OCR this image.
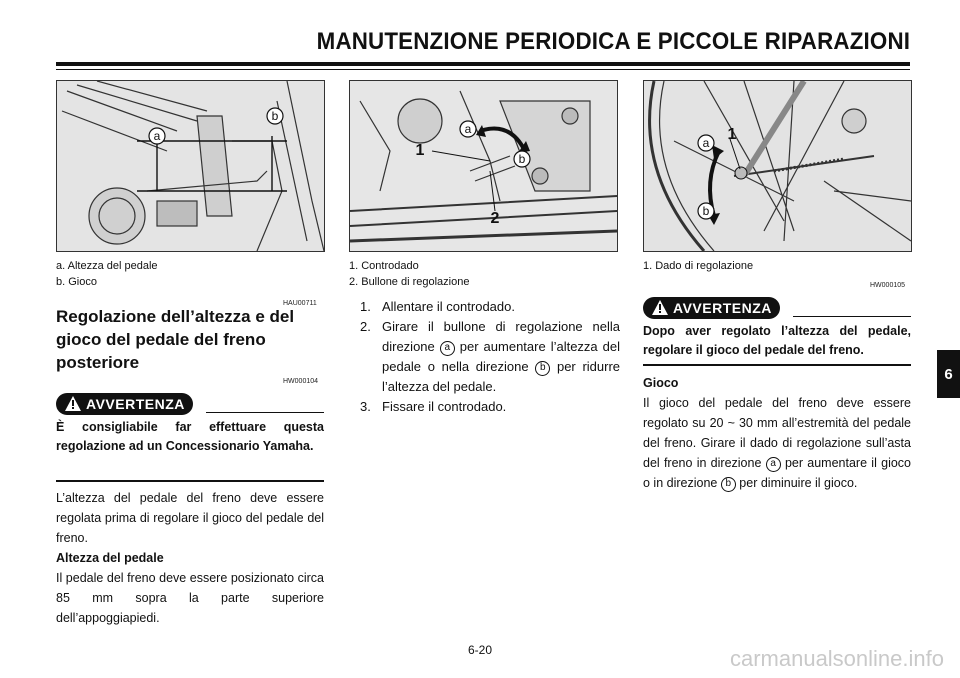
MANUTENZIONE PERIODICA E PICCOLE RIPARAZIONI
6
a
b
a
b
1
2
a
b
1
a. Altezza del pedale
b. Gioco
1. Controdado
2. Bullone di regolazione
1. Dado di regolazione
HAU00711
Regolazione dell’altezza e del gioco del pedale del freno posteriore
HW000104
AVVERTENZA
È consigliabile far effettuare questa regolazione ad un Concessionario Yamaha.
L’altezza del pedale del freno deve essere regolata prima di regolare il gioco del pedale del freno.
Altezza del pedale
Il pedale del freno deve essere posizionato circa 85 mm sopra la parte superiore dell’appoggiapiedi.
1. Allentare il controdado.
2. Girare il bullone di regolazione nella direzione a per aumentare l’altezza del pedale o nella direzione b per ridurre l’altezza del pedale.
3. Fissare il controdado.
HW000105
AVVERTENZA
Dopo aver regolato l’altezza del pedale, regolare il gioco del pedale del freno.
Gioco
Il gioco del pedale del freno deve essere regolato su 20 ~ 30 mm all’estremità del pedale del freno. Girare il dado di regolazione sull’asta del freno in direzione a per aumentare il gioco o in direzione b per diminuire il gioco.
6-20	carmanualsonline.info
